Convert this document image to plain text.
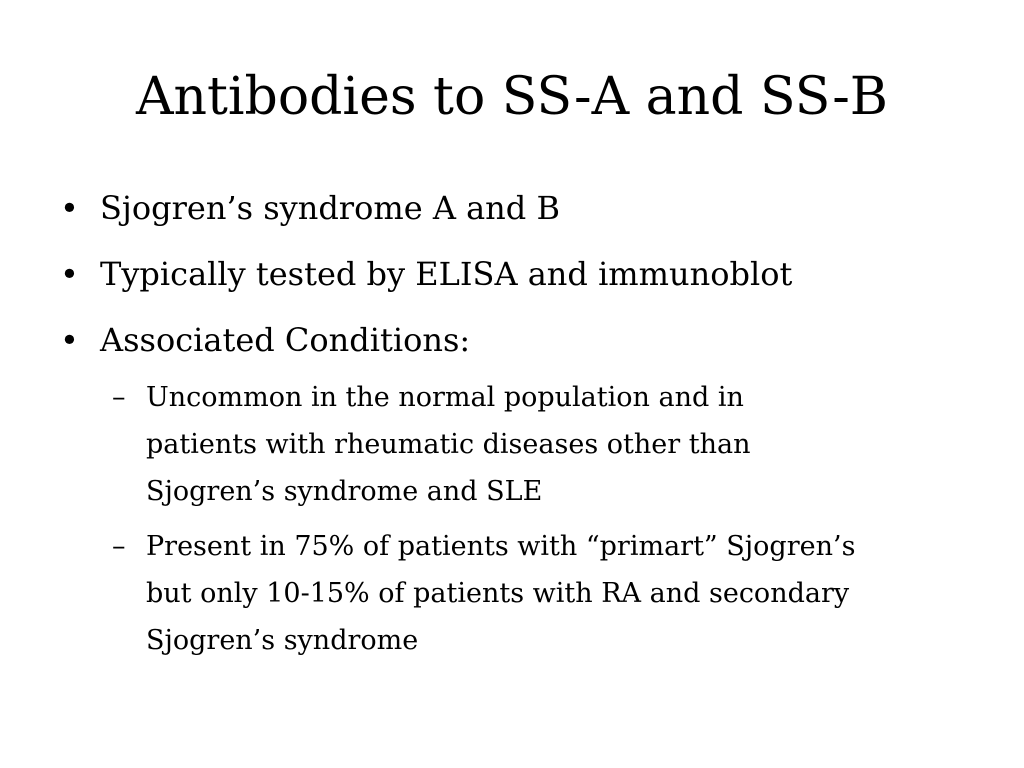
Antibodies to SS-A and SS-B
• Sjogren’s syndrome A and B
• Typically tested by ELISA and immunoblot
• Associated Conditions:
– Uncommon in the normal population and in patients with rheumatic diseases other than Sjogren’s syndrome and SLE
– Present in 75% of patients with “primart” Sjogren’s but only 10-15% of patients with RA and secondary Sjogren’s syndrome
